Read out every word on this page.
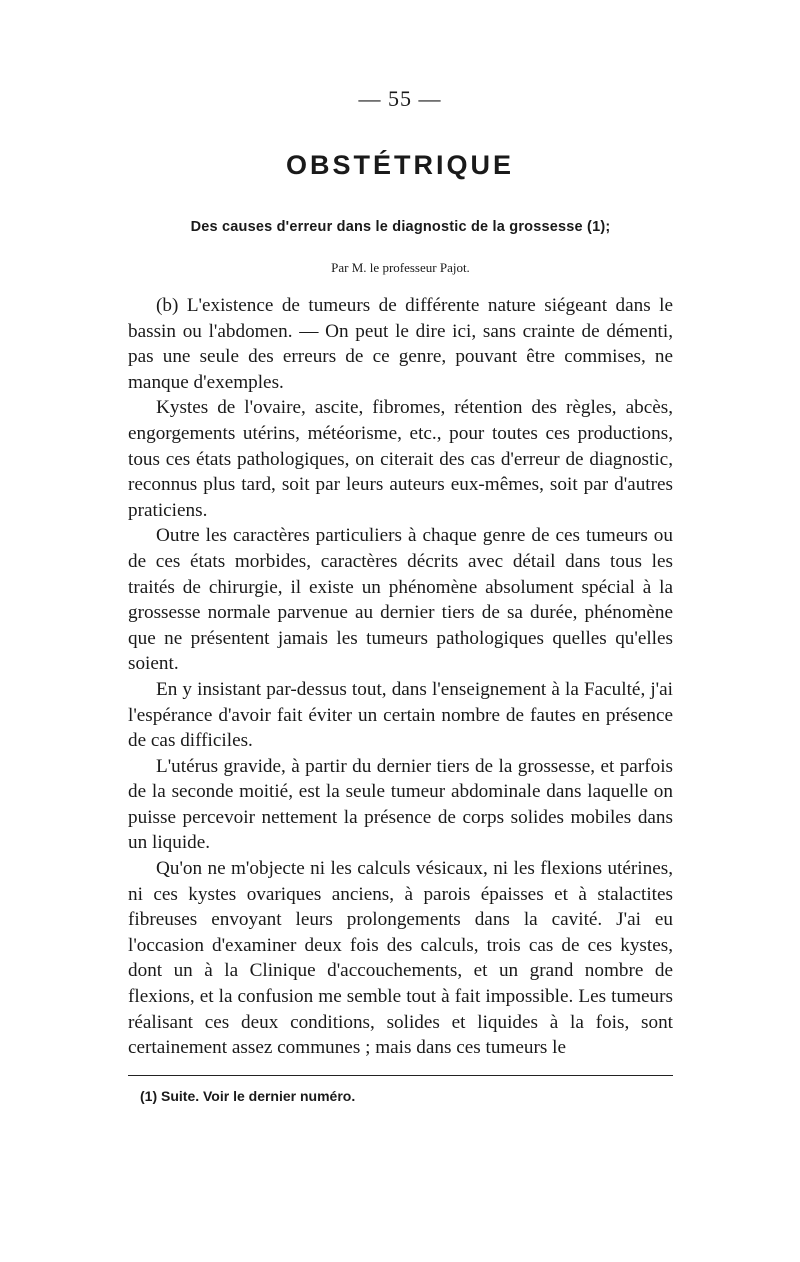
— 55 —
OBSTÉTRIQUE
Des causes d'erreur dans le diagnostic de la grossesse (1);
Par M. le professeur Pajot.

(b) L'existence de tumeurs de différente nature siégeant dans le bassin ou l'abdomen. — On peut le dire ici, sans crainte de démenti, pas une seule des erreurs de ce genre, pouvant être commises, ne manque d'exemples.

Kystes de l'ovaire, ascite, fibromes, rétention des règles, abcès, engorgements utérins, météorisme, etc., pour toutes ces productions, tous ces états pathologiques, on citerait des cas d'erreur de diagnostic, reconnus plus tard, soit par leurs auteurs eux-mêmes, soit par d'autres praticiens.

Outre les caractères particuliers à chaque genre de ces tumeurs ou de ces états morbides, caractères décrits avec détail dans tous les traités de chirurgie, il existe un phénomène absolument spécial à la grossesse normale parvenue au dernier tiers de sa durée, phénomène que ne présentent jamais les tumeurs pathologiques quelles qu'elles soient.

En y insistant par-dessus tout, dans l'enseignement à la Faculté, j'ai l'espérance d'avoir fait éviter un certain nombre de fautes en présence de cas difficiles.

L'utérus gravide, à partir du dernier tiers de la grossesse, et parfois de la seconde moitié, est la seule tumeur abdominale dans laquelle on puisse percevoir nettement la présence de corps solides mobiles dans un liquide.

Qu'on ne m'objecte ni les calculs vésicaux, ni les flexions utérines, ni ces kystes ovariques anciens, à parois épaisses et à stalactites fibreuses envoyant leurs prolongements dans la cavité. J'ai eu l'occasion d'examiner deux fois des calculs, trois cas de ces kystes, dont un à la Clinique d'accouchements, et un grand nombre de flexions, et la confusion me semble tout à fait impossible. Les tumeurs réalisant ces deux conditions, solides et liquides à la fois, sont certainement assez communes ; mais dans ces tumeurs le

(1) Suite. Voir le dernier numéro.
